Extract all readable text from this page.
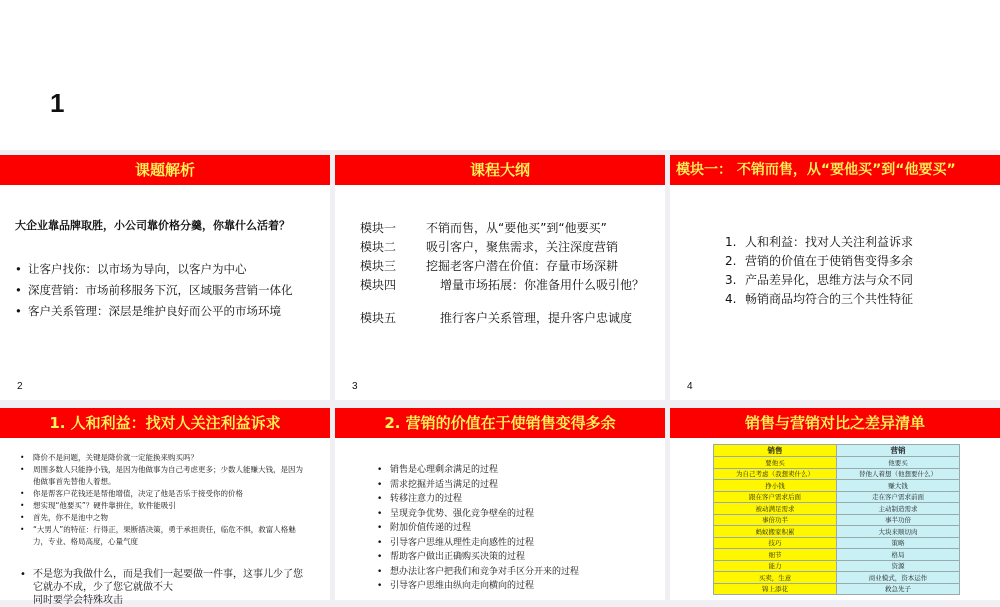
1
课题解析
大企业靠品牌取胜，小公司靠价格分羹，你靠什么活着？
• 让客户找你：以市场为导向，以客户为中心
• 深度营销：市场前移服务下沉，区域服务营销一体化
• 客户关系管理：深层是维护良好而公平的市场环境
2
课程大纲
模块一 不销而售，从“要他买”到“他要买”
模块二 吸引客户，聚焦需求，关注深度营销
模块三 挖掘老客户潜在价值：存量市场深耕
模块四	增量市场拓展：你准备用什么吸引他？
模块五	推行客户关系管理，提升客户忠诚度
3
模块一： 不销而售，从“要他买”到“他要买”
1. 人和利益：找对人关注利益诉求
2. 营销的价值在于使销售变得多余
3. 产品差异化，思维方法与众不同
4. 畅销商品均符合的三个共性特征
4
1. 人和利益：找对人关注利益诉求
• 降价不是问题，关键是降价就一定能换来购买吗？
• 周围多数人只能挣小钱，是因为他做事为自己考虑更多；少数人能赚大钱，是因为他做事首先替他人着想。
• 你是帮客户花钱还是帮他增值，决定了他是否乐于接受你的价格
• 想实现“他要买”？硬件靠拼住，软件能吸引
• 首先，你不是池中之物
• “大男人”的特征：行得正，果断措决策，勇于承担责任，临危不惧，救富人格魅力，专业、格局高度，心量气度
• 不是您为我做什么，而是我们一起要做一件事，这事儿少了您
它就办不成，少了您它就做不大
同时要学会特殊攻击
2. 营销的价值在于使销售变得多余
• 销售是心理剩余满足的过程
• 需求挖掘并适当满足的过程
• 转移注意力的过程
• 呈现竞争优势、强化竞争壁垒的过程
• 附加价值传递的过程
• 引导客户思维从理性走向感性的过程
• 帮助客户做出正确购买决策的过程
• 想办法让客户把我们和竞争对手区分开来的过程
• 引导客户思维由纵向走向横向的过程
销售与营销对比之差异清单
销售	营销
要他买	他要买
为自己考虑（我想卖什么）	替他人着想（他想要什么）
挣小钱	赚大钱
跟在客户需求后面	走在客户需求前面
被动满足需求	主动制造需求
事倍功半	事半功倍
蚂蚁搬家积累	大块来顺切肉
技巧	策略
细节	格局
能力	资源
买卖，生意	商业模式，资本运作
锦上添花	救急先子
